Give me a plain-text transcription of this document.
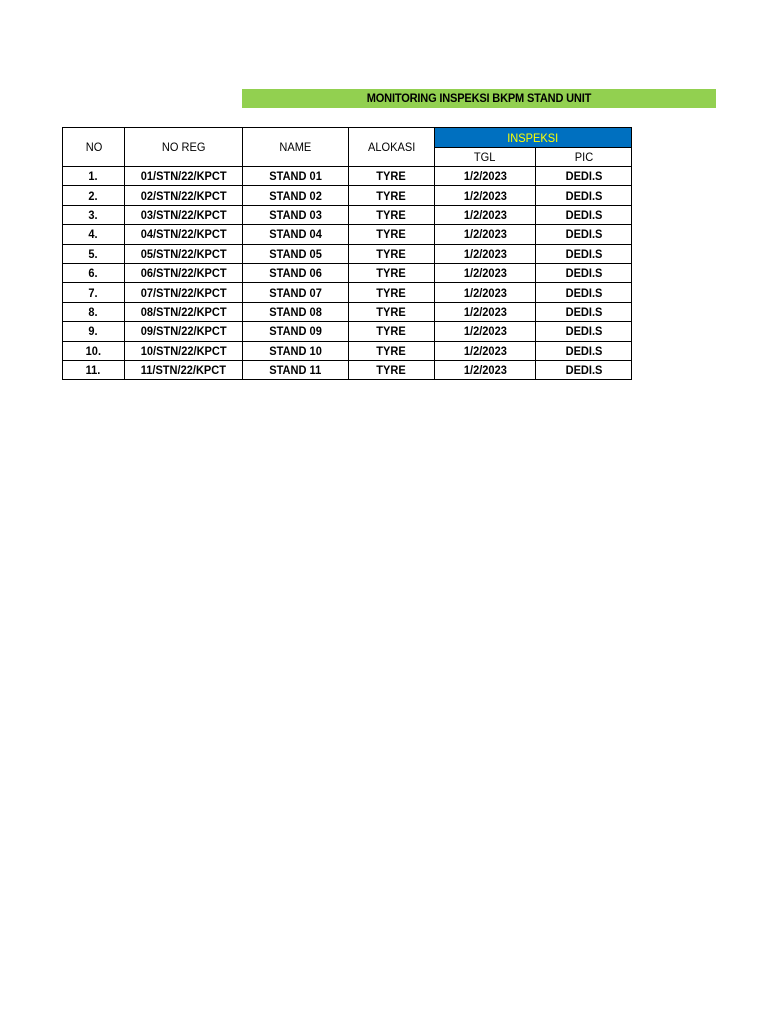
MONITORING INSPEKSI BKPM STAND UNIT
NO	NO REG	NAME	ALOKASI	INSPEKSI	
				TGL	PIC
1.	01/STN/22/KPCT	STAND 01	TYRE	1/2/2023	DEDI.S
2.	02/STN/22/KPCT	STAND 02	TYRE	1/2/2023	DEDI.S
3.	03/STN/22/KPCT	STAND 03	TYRE	1/2/2023	DEDI.S
4.	04/STN/22/KPCT	STAND 04	TYRE	1/2/2023	DEDI.S
5.	05/STN/22/KPCT	STAND 05	TYRE	1/2/2023	DEDI.S
6.	06/STN/22/KPCT	STAND 06	TYRE	1/2/2023	DEDI.S
7.	07/STN/22/KPCT	STAND 07	TYRE	1/2/2023	DEDI.S
8.	08/STN/22/KPCT	STAND 08	TYRE	1/2/2023	DEDI.S
9.	09/STN/22/KPCT	STAND 09	TYRE	1/2/2023	DEDI.S
10.	10/STN/22/KPCT	STAND 10	TYRE	1/2/2023	DEDI.S
11.	11/STN/22/KPCT	STAND 11	TYRE	1/2/2023	DEDI.S
